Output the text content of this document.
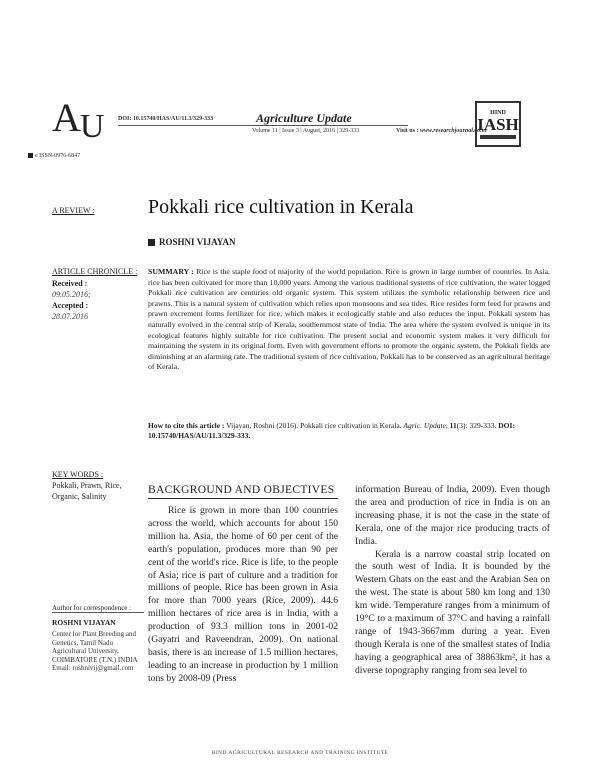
AU	DOI: 10.15740/HAS/AU/11.3/329-333	Agriculture Update
Volume 11 | Issue 3 | August, 2016 | 329-333	Visit us : www.researchjournal.co.in
HIND
IASH
e ISSN-0976-6847
A REVIEW :	Pokkali rice cultivation in Kerala
ROSHNI VIJAYAN
ARTICLE CHRONICLE :
Received :
09.05.2016;
Accepted :
28.07.2016
SUMMARY : Rice is the staple food of majority of the world population. Rice is grown in large number of countries. In Asia, rice has been cultivated for more than 10,000 years. Among the various traditional systems of rice cultivation, the water logged Pokkali rice cultivation are centuries old organic system. This system utilizes the symbolic relationship between rice and prawns. This is a natural system of cultivation which relies upon monsoons and sea tides. Rice resides form feed for prawns and prawn excrement forms fertilizer for rice, which makes it ecologically stable and also reduces the input. Pokkali system has naturally evolved in the central strip of Kerala, southernmost state of India. The area where the system evolved is unique in its ecological features highly suitable for rice cultivation. The present social and economic system makes it very difficult for maintaining the system in its original form. Even with government efforts to promote the organic system, the Pokkali fields are diminishing at an alarming rate. The traditional system of rice cultivation, Pokkali has to be conserved as an agricultural heritage of Kerala.
How to cite this article : Vijayan, Roshni (2016). Pokkali rice cultivation in Kerala. Agric. Update, 11(3): 329-333. DOI: 10.15740/HAS/AU/11.3/329-333.
KEY WORDS :
Pokkali, Prawn, Rice, Organic, Salinity
BACKGROUND AND OBJECTIVES

Rice is grown in more than 100 countries across the world, which accounts for about 150 million ha. Asia, the home of 60 per cent of the earth's population, produces more than 90 per cent of the world's rice. Rice is life, to the people of Asia; rice is part of culture and a tradition for millions of people. Rice has been grown in Asia for more than 7000 years (Rice, 2009). 44.6 million hectares of rice area is in India, with a production of 93.3 million tons in 2001-02 (Gayatri and Raveendran, 2009). On national basis, there is an increase of 1.5 million hectares, leading to an increase in production by 1 million tons by 2008-09 (Press

information Bureau of India, 2009). Even though the area and production of rice in India is on an increasing phase, it is not the case in the state of Kerala, one of the major rice producing tracts of India.

Kerala is a narrow coastal strip located on the south west of India. It is bounded by the Western Ghats on the east and the Arabian Sea on the west. The state is about 580 km long and 130 km wide. Temperature ranges from a minimum of 19°C to a maximum of 37°C and having a rainfall range of 1943-3667mm during a year. Even though Kerala is one of the smallest states of India having a geographical area of 38863km², it has a diverse topography ranging from sea level to

Author for correspondence :
ROSHNI VIJAYAN
Center for Plant Breeding and Genetics, Tamil Nadu Agricultural University, COIMBATORE (T.N.) INDIA
Email: roshnivij@gmail.com
HIND AGRICULTURAL RESEARCH AND TRAINING INSTITUTE
